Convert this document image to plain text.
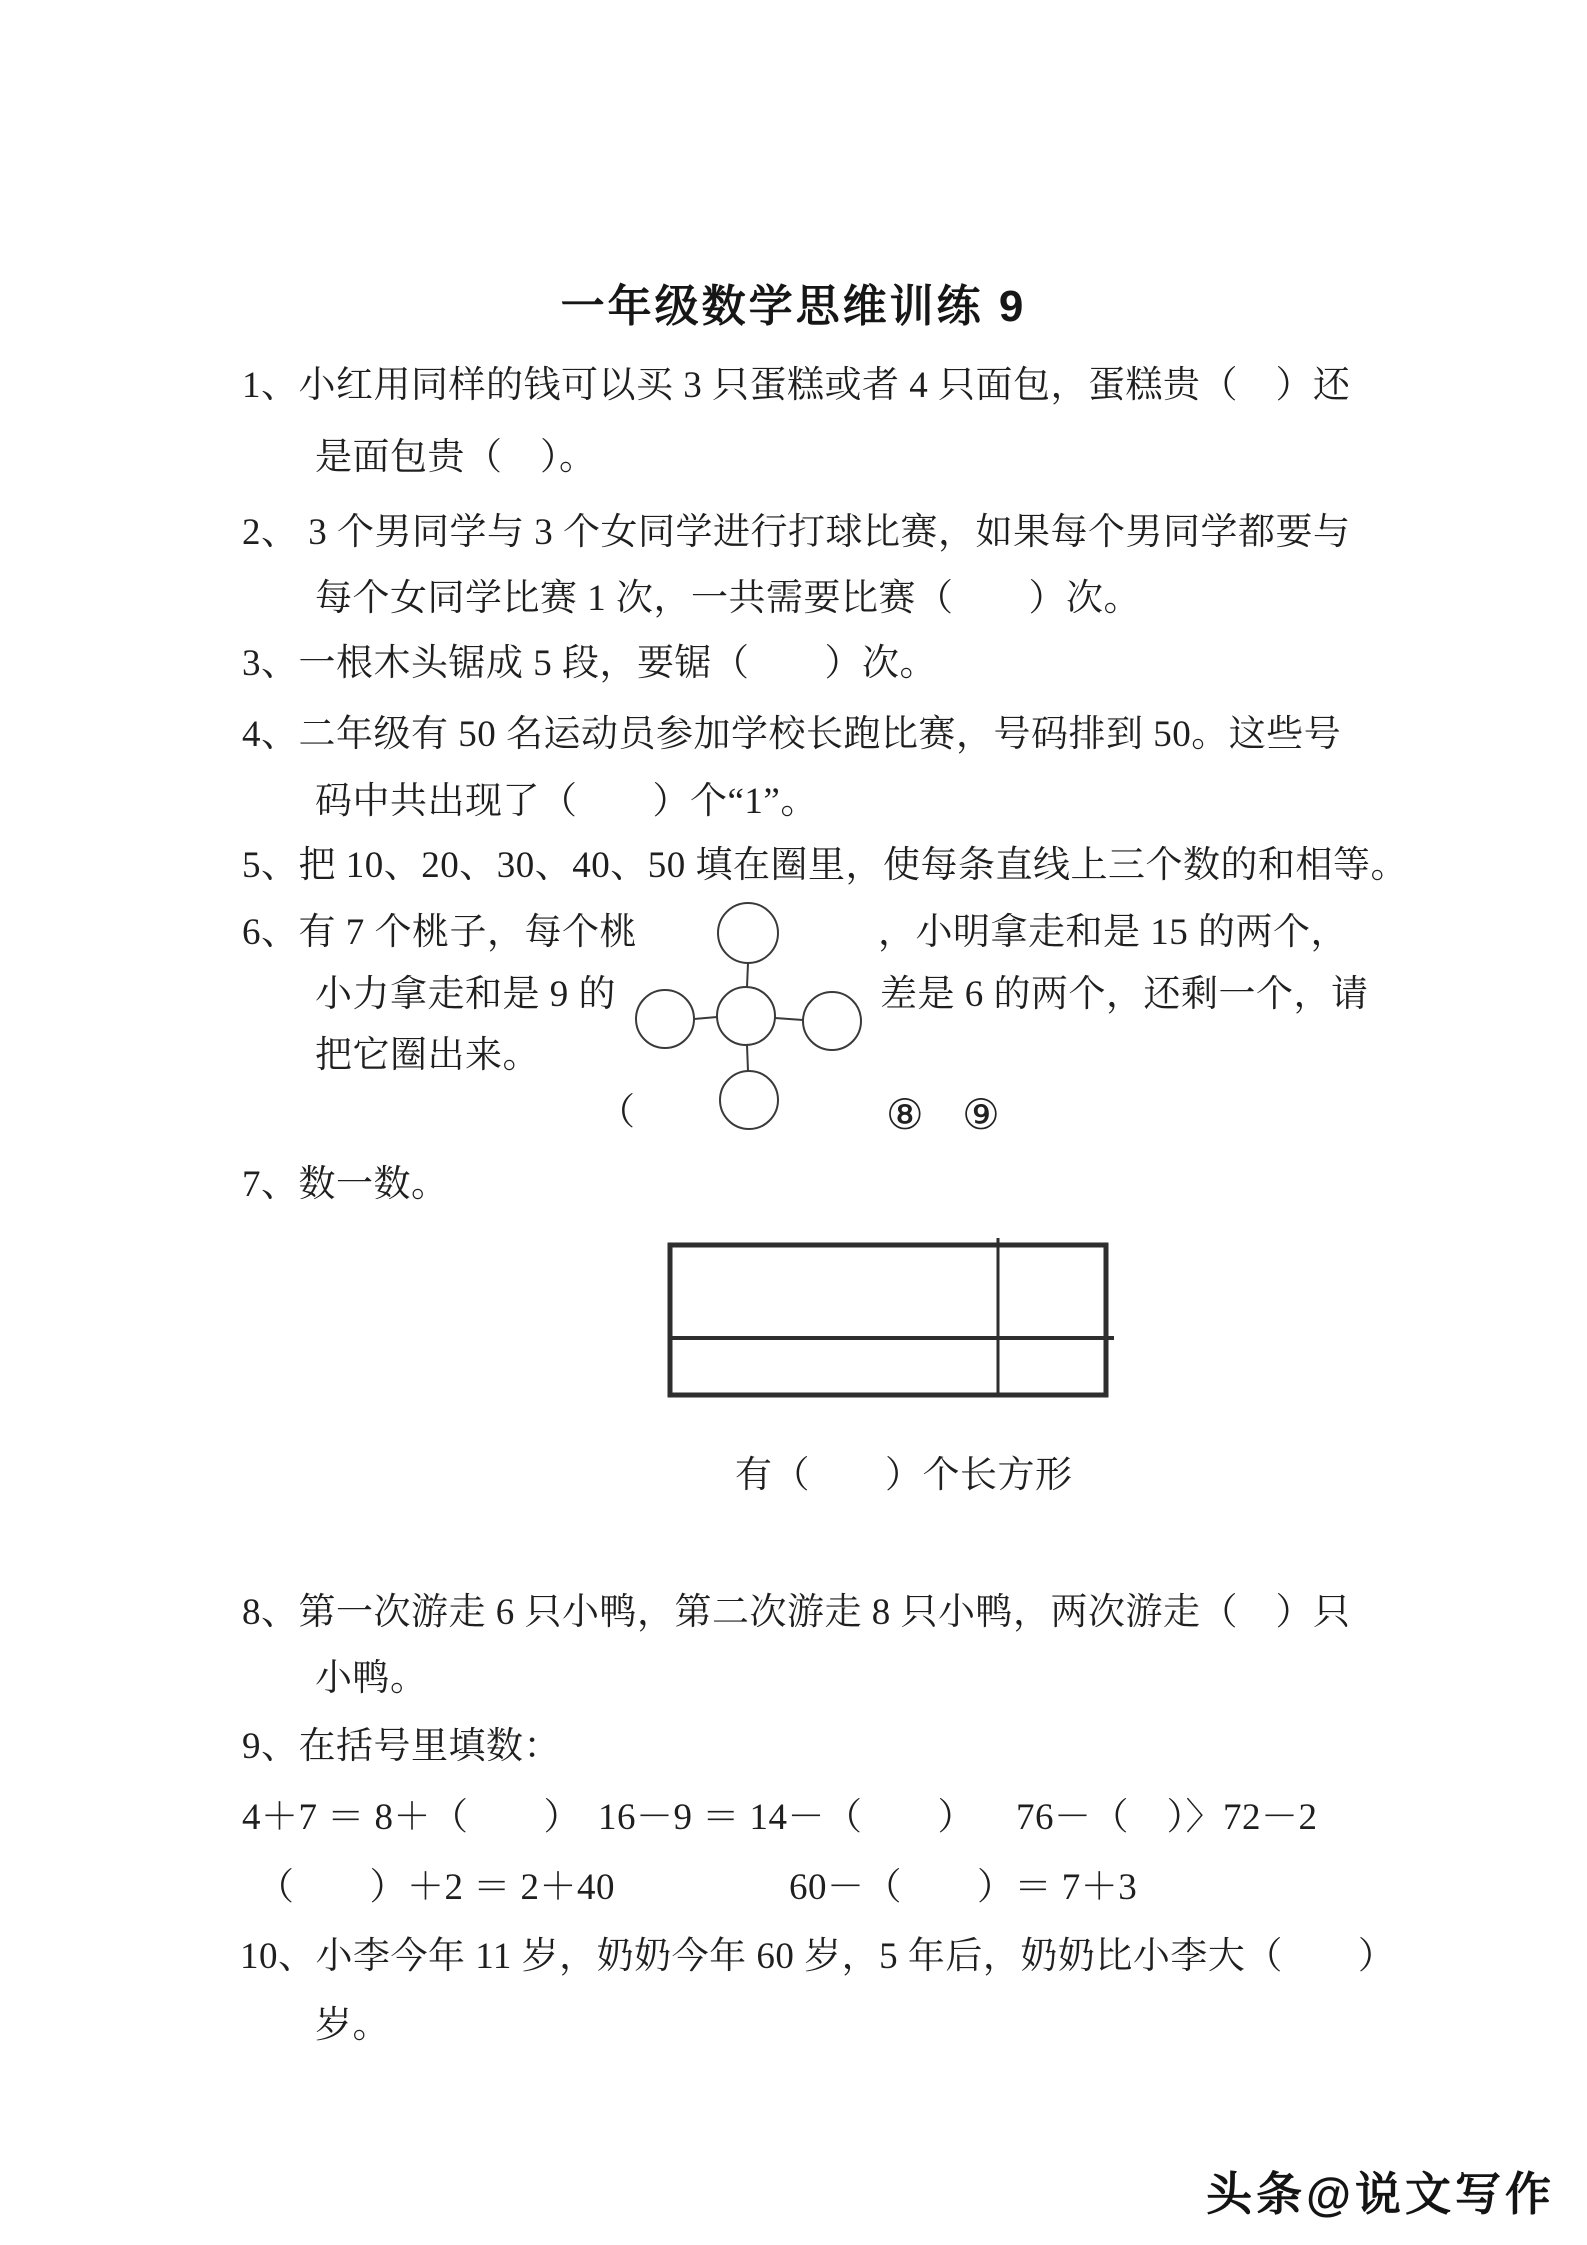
一年级数学思维训练 9
1、小红用同样的钱可以买 3 只蛋糕或者 4 只面包，蛋糕贵（　）还
是面包贵（　）。
2、 3 个男同学与 3 个女同学进行打球比赛，如果每个男同学都要与
每个女同学比赛 1 次，一共需要比赛（　　）次。
3、一根木头锯成 5 段，要锯（　　）次。
4、二年级有 50 名运动员参加学校长跑比赛，号码排到 50。这些号
码中共出现了（　　）个“1”。
5、把 10、20、30、40、50 填在圈里，使每条直线上三个数的和相等。
6、有 7 个桃子，每个桃	，小明拿走和是 15 的两个，
小力拿走和是 9 的	差是 6 的两个，还剩一个，请
把它圈出来。
（	⑧ ⑨
7、数一数。
有（　　）个长方形
8、第一次游走 6 只小鸭，第二次游走 8 只小鸭，两次游走（　）只
小鸭。
9、在括号里填数：
4＋7 ＝ 8＋（　　） 16－9 ＝ 14－（　　） 76－（　）〉72－2
（　　）＋2 ＝ 2＋40	60－（　　）＝ 7＋3
10、小李今年 11 岁，奶奶今年 60 岁，5 年后，奶奶比小李大（　　）
岁。
头条@说文写作
